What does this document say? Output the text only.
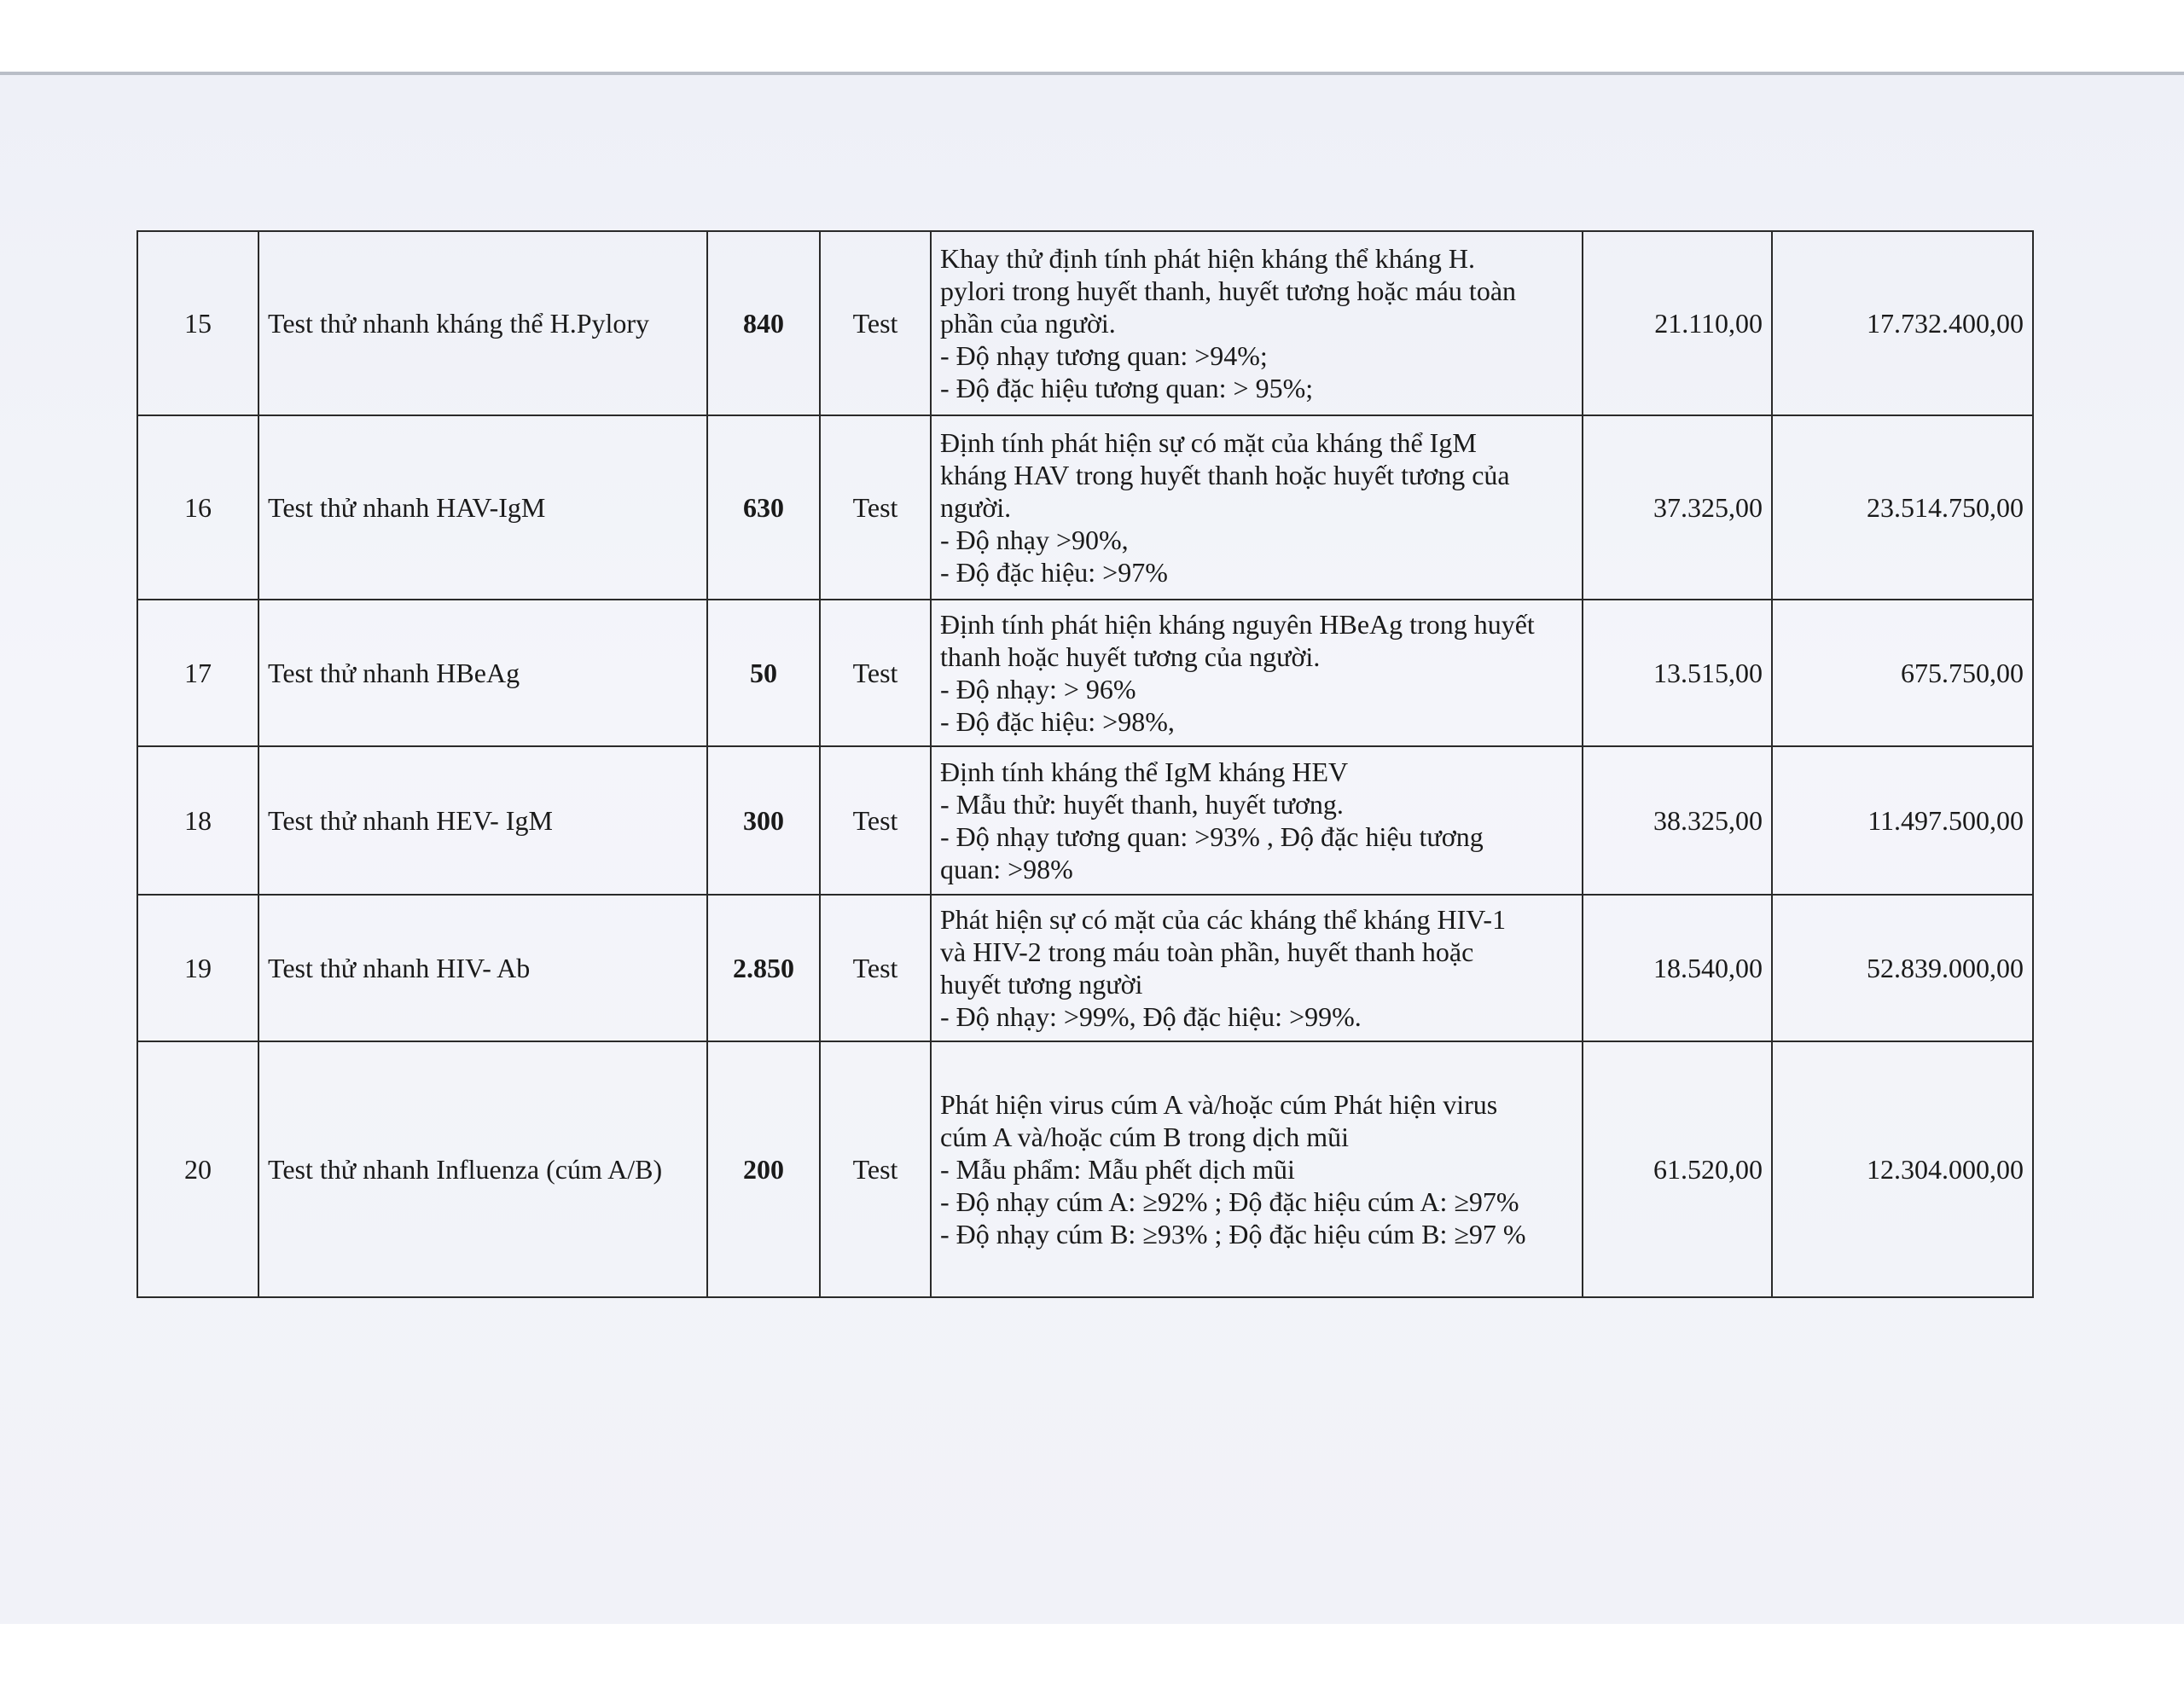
15	Test thử nhanh kháng thể H.Pylory	840	Test	Khay thử định tính phát hiện kháng thể kháng H.
pylori trong huyết thanh, huyết tương hoặc máu toàn
phần của người.
- Độ nhạy tương quan: >94%;
- Độ đặc hiệu tương quan: > 95%;	21.110,00	17.732.400,00
16	Test thử nhanh HAV-IgM	630	Test	Định tính phát hiện sự có mặt của kháng thể IgM
kháng HAV trong huyết thanh hoặc huyết tương của
người.
- Độ nhạy >90%,
- Độ đặc hiệu: >97%	37.325,00	23.514.750,00
17	Test thử nhanh HBeAg	50	Test	Định tính phát hiện kháng nguyên HBeAg trong huyết
thanh hoặc huyết tương của người.
- Độ nhạy: > 96%
- Độ đặc hiệu: >98%,	13.515,00	675.750,00
18	Test thử nhanh HEV- IgM	300	Test	Định tính kháng thể IgM kháng HEV
- Mẫu thử: huyết thanh, huyết tương.
- Độ nhạy tương quan: >93% , Độ đặc hiệu tương
quan: >98%	38.325,00	11.497.500,00
19	Test thử nhanh HIV- Ab	2.850	Test	Phát hiện sự có mặt của các kháng thể kháng HIV-1
và HIV-2 trong máu toàn phần, huyết thanh hoặc
huyết tương người
- Độ nhạy: >99%, Độ đặc hiệu: >99%.	18.540,00	52.839.000,00
20	Test thử nhanh Influenza (cúm A/B)	200	Test	Phát hiện virus cúm A và/hoặc cúm Phát hiện virus
cúm A và/hoặc cúm B trong dịch mũi
- Mẫu phẩm: Mẫu phết dịch mũi
- Độ nhạy cúm A: ≥92% ; Độ đặc hiệu cúm A: ≥97%
- Độ nhạy cúm B: ≥93% ; Độ đặc hiệu cúm B: ≥97 %	61.520,00	12.304.000,00
